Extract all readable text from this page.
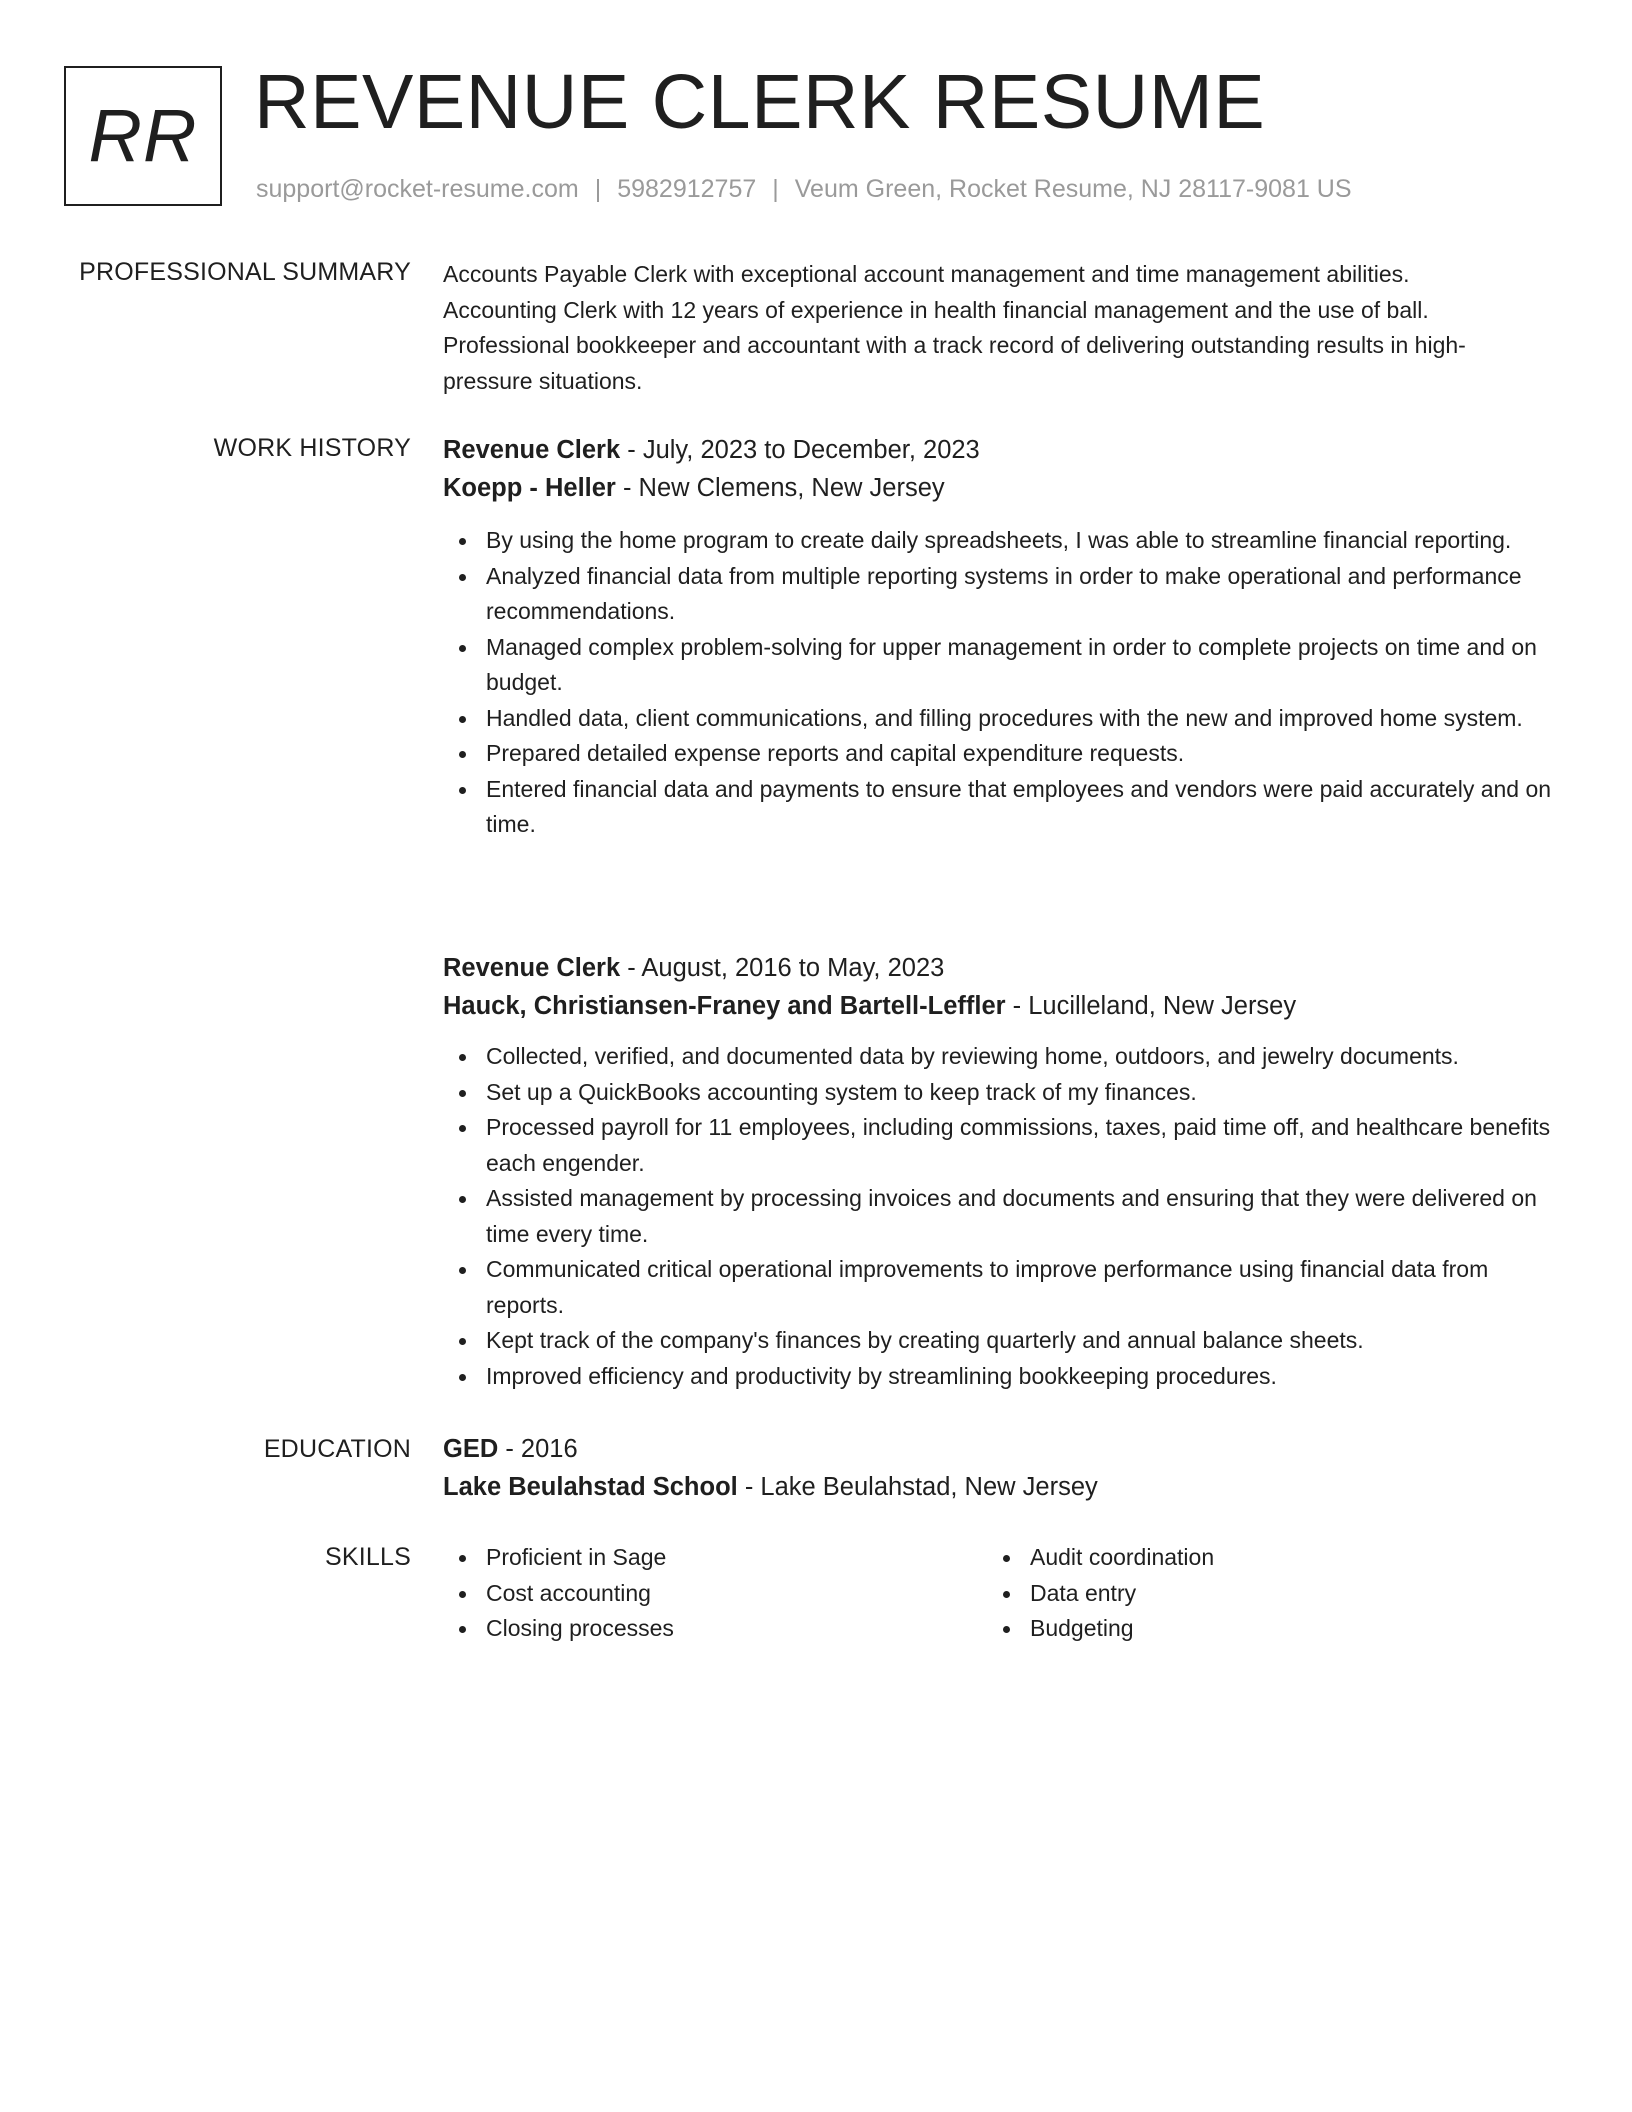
RR REVENUE CLERK RESUME
support@rocket-resume.com | 5982912757 | Veum Green, Rocket Resume, NJ 28117-9081 US
PROFESSIONAL SUMMARY Accounts Payable Clerk with exceptional account management and time management abilities.

Accounting Clerk with 12 years of experience in health financial management and the use of ball.

Professional bookkeeper and accountant with a track record of delivering outstanding results in high-

pressure situations.

WORK HISTORY Revenue Clerk - July, 2023 to December, 2023

Koepp - Heller - New Clemens, New Jersey

By using the home program to create daily spreadsheets, I was able to streamline financial reporting.
Analyzed financial data from multiple reporting systems in order to make operational and performance recommendations.
Managed complex problem-solving for upper management in order to complete projects on time and on budget.
Handled data, client communications, and filling procedures with the new and improved home system.
Prepared detailed expense reports and capital expenditure requests.
Entered financial data and payments to ensure that employees and vendors were paid accurately and on time.

Revenue Clerk - August, 2016 to May, 2023

Hauck, Christiansen-Franey and Bartell-Leffler - Lucilleland, New Jersey

Collected, verified, and documented data by reviewing home, outdoors, and jewelry documents.
Set up a QuickBooks accounting system to keep track of my finances.
Processed payroll for 11 employees, including commissions, taxes, paid time off, and healthcare benefits each engender.
Assisted management by processing invoices and documents and ensuring that they were delivered on time every time.
Communicated critical operational improvements to improve performance using financial data from reports.
Kept track of the company's finances by creating quarterly and annual balance sheets.
Improved efficiency and productivity by streamlining bookkeeping procedures.
EDUCATION GED - 2016

Lake Beulahstad School - Lake Beulahstad, New Jersey

SKILLS	Proficient in Sage
Cost accounting
Closing processes
Audit coordination
Data entry
Budgeting
